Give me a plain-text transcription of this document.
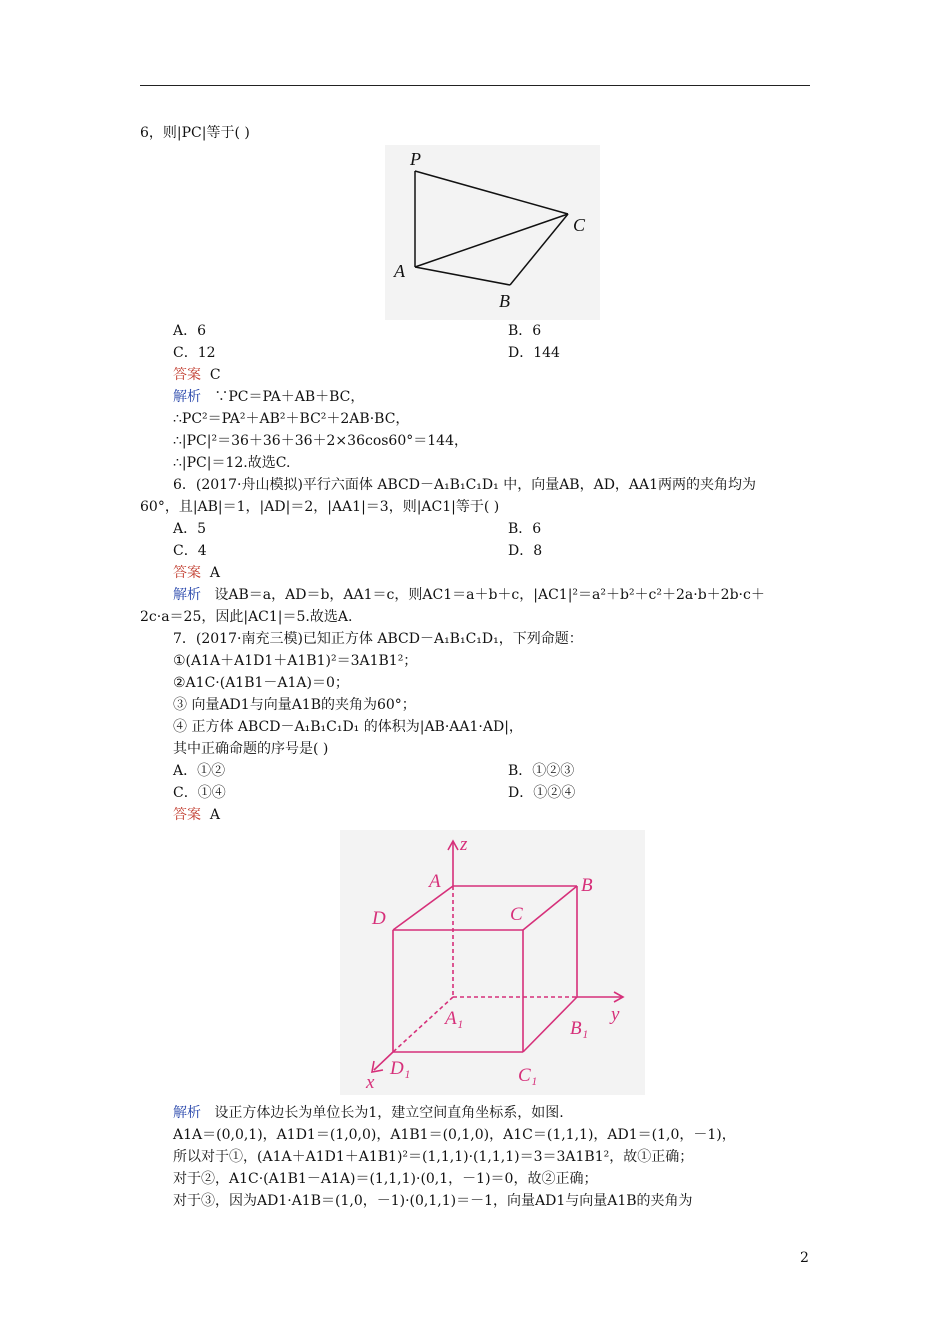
6，则|PC|等于( )
P
C
A
B
A．6	B．6
C．12	D．144
答案 C
解析 ∵PC＝PA＋AB＋BC，
∴PC²＝PA²＋AB²＋BC²＋2AB·BC，
∴|PC|²＝36＋36＋36＋2×36cos60°＝144，
∴|PC|＝12.故选C.
6．(2017·舟山模拟)平行六面体 ABCD－A₁B₁C₁D₁ 中，向量AB，AD，AA1两两的夹角均为
60°，且|AB|＝1，|AD|＝2，|AA1|＝3，则|AC1|等于( )
A．5	B．6
C．4	D．8
答案 A
解析 设AB＝a，AD＝b，AA1＝c，则AC1＝a＋b＋c，|AC1|²＝a²＋b²＋c²＋2a·b＋2b·c＋
2c·a＝25，因此|AC1|＝5.故选A.
7．(2017·南充三模)已知正方体 ABCD－A₁B₁C₁D₁，下列命题：
①(A1A＋A1D1＋A1B1)²＝3A1B1²；
②A1C·(A1B1－A1A)＝0；
③ 向量AD1与向量A1B的夹角为60°；
④ 正方体 ABCD－A₁B₁C₁D₁ 的体积为|AB·AA1·AD|，
其中正确命题的序号是( )
A．①②	B．①②③
C．①④	D．①②④
答案 A
z
y
x
A	B
C
D
A₁	B₁
C₁
D₁
解析 设正方体边长为单位长为1，建立空间直角坐标系，如图.
A1A＝(0,0,1)，A1D1＝(1,0,0)，A1B1＝(0,1,0)，A1C＝(1,1,1)，AD1＝(1,0，－1)，
所以对于①，(A1A＋A1D1＋A1B1)²＝(1,1,1)·(1,1,1)＝3＝3A1B1²，故①正确；
对于②，A1C·(A1B1－A1A)＝(1,1,1)·(0,1，－1)＝0，故②正确；
对于③，因为AD1·A1B＝(1,0，－1)·(0,1,1)＝－1，向量AD1与向量A1B的夹角为
2
